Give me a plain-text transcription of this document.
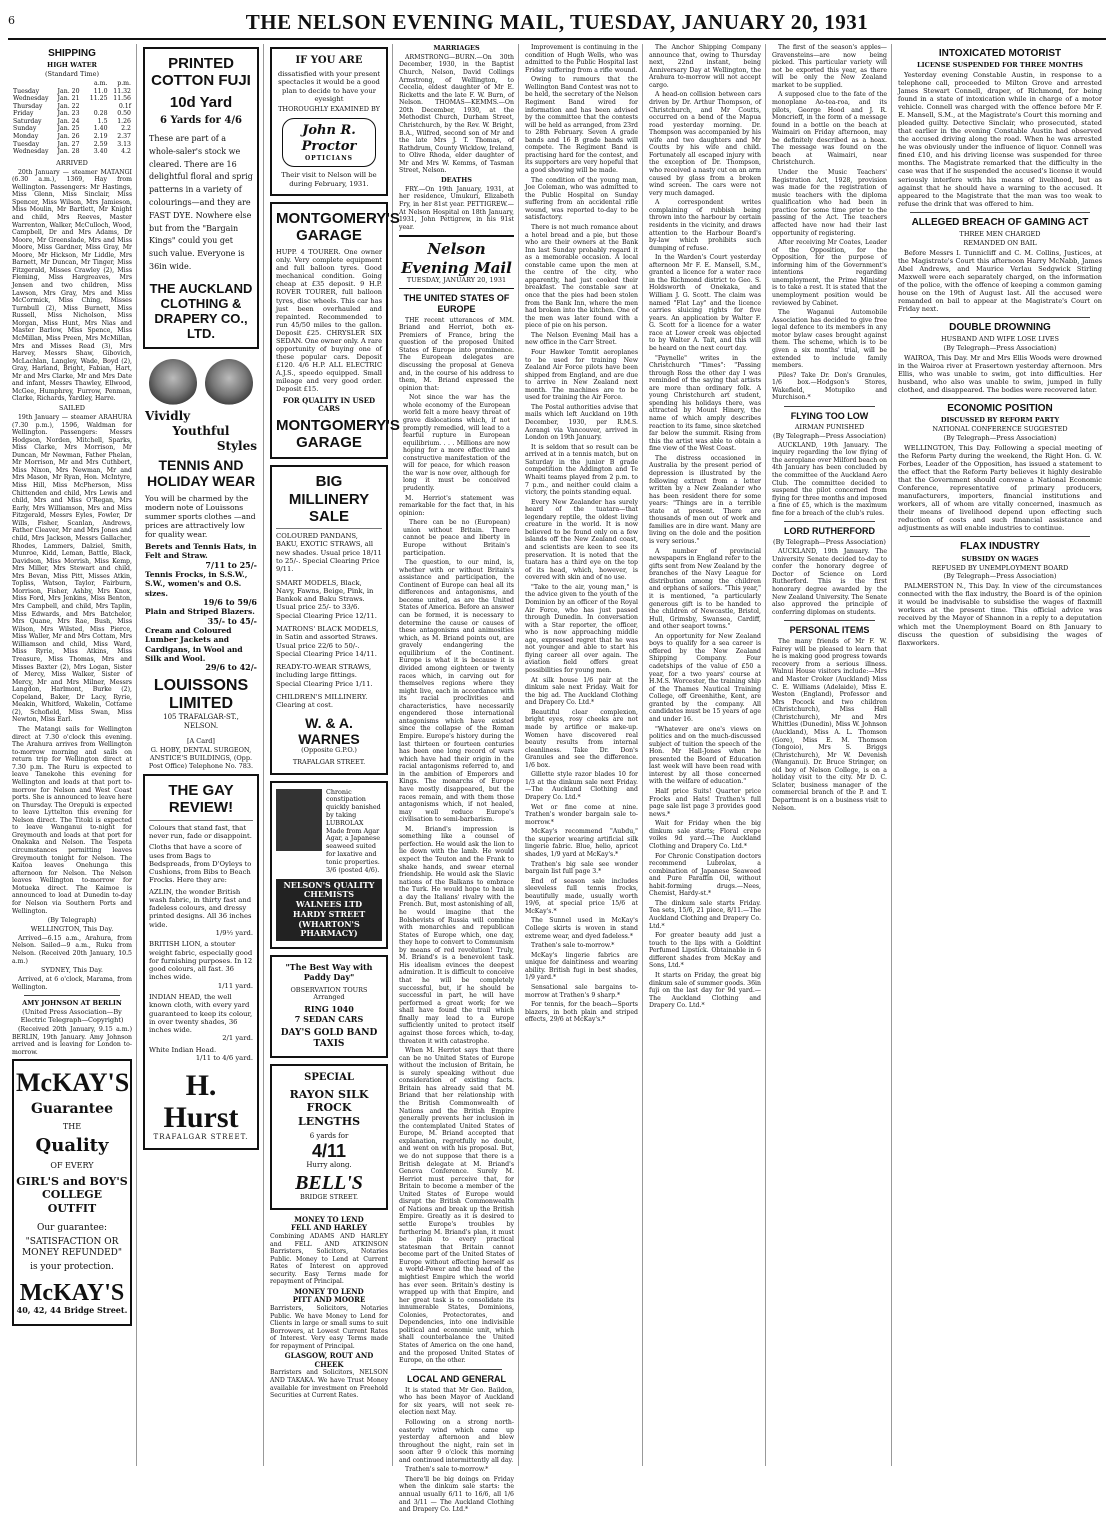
6	THE NELSON EVENING MAIL, TUESDAY, JANUARY 20, 1931
SHIPPING
HIGH WATER
(Standard Time)
		a.m.	p.m.
Tuesday	Jan. 20	11.0	11.32
Wednesday	Jan. 21	11.25	11.56
Thursday	Jan. 22		0.1f
Friday	Jan. 23	0.28	0.50
Saturday	Jan. 24	1.5	1.26
Sunday	Jan. 25	1.40	2.2
Monday	Jan. 26	2.19	2.37
Tuesday	Jan. 27	2.59	3.13
Wednesday	Jan. 28	3.40	4.2
ARRIVED
20th January — steamer MATANGI (6.30 a.m.), 1369, Hay from Wellington. Passengers: Mr Hastings, Miss Glenn, Miss Sinclair, Miss Spencer, Miss Wilson, Mrs Jamieson, Miss Moulin, Mr Bartlett, Mr Knight and child, Mrs Reeves, Master Warrenton, Walker, McCulloch, Wood, Campbell, Dr and Mrs Adams, Dr Moore, Mr Greenslade, Mrs and Miss Moore, Miss Gardner, Miss Gray, Mr Moore, Mr Hickson, Mr Liddle, Mrs Barnett, Mr Duncan, Mr Tinger, Miss Fitzgerald, Misses Crawley (2), Miss Fleming, Miss Hargreaves, Mrs Jensen and two children, Miss Lawson, Mrs Gray, Mrs and Miss McCormick, Miss Ching, Misses Turnbull (2), Miss Burnett, Miss Russell, Miss Nicholson, Miss Morgan, Miss Hunt, Mrs Nias and Master Barlow, Miss Spence, Miss McMillan, Miss Preen, Mrs McMillan, Mrs and Misses Read (3), Mrs Harvey, Messrs Shaw, Gibovich, McLachlan, Langley, Wade, Boyd (2), Gray, Harland, Bright, Fabian, Hart, Mr and Mrs Clarke, Mr and Mrs Date and infant, Messrs Thawley, Ellwood, McGee, Humphrey, Furrow, Penman, Clarke, Richards, Yardley, Harre.
SAILED
19th January — steamer ARAHURA (7.30 p.m.), 1596, Waldman for Wellington. Passengers: Messrs Hodgson, Norden, Mitchell, Sparks, Miss Clarke, Mrs Morrison, Mr Duncan, Mr Newman, Father Phelan, Mr Morrison, Mr and Mrs Cuthbert, Miss Nixon, Mrs Newman, Mr and Mrs Mason, Mr Ryan, Hon. McIntyre, Miss Hill, Miss McPherson, Miss Chittenden and child, Mrs Lewis and child, Mrs and Miss O'Regan, Mrs Early, Mrs Williamson, Mrs and Miss Fitzgerald, Messrs Eyles, Fowler, Dr Wills, Fisher, Scanlan, Andrews, Father Cleaver, Mr and Mrs Jones and child, Mrs Jackson, Messrs Gallacher, Rhodes, Lammers, Dalziel, Smith, Munroe, Kidd, Leman, Battle, Black, Davidson, Miss Morrish, Miss Kemp, Mrs Miller, Mrs Stewart and child, Mrs Bevan, Miss Pitt, Misses Atkin, Topliss, Watson, Taylor, Fairburn, Morrison, Fisher, Ashby, Mrs Knox, Miss Ford, Mrs Jenkins, Miss Benton, Mrs Campbell, and child, Mrs Taplin, Miss Edwards, and Mrs Batchelor, Mrs Quane, Mrs Rae, Bush, Miss Wilson, Mrs Wilsted, Miss Pierce, Miss Waller, Mr and Mrs Cottam, Mrs Williamson and child, Miss Ward, Miss Ryrie, Miss Atkins, Miss Treasure, Miss Thomas, Mrs and Misses Baxter (2), Mrs Logan, Sister of Mercy, Miss Walker, Sister of Mercy, Mr and Mrs Milner, Messrs Langdon, Harlmont, Burke (2), Copeland, Baker, Dr Lacy, Ryrie, Meakin, Whitford, Wakelin, Cottame (2), Schofield, Miss Swan, Miss Newton, Miss Earl.
The Matangi sails for Wellington direct at 7.30 o'clock this evening. The Arahura arrives from Wellington to-morrow morning and sails on return trip for Wellington direct at 7.30 p.m. The Ruru is expected to leave Tanekohe this evening for Wellington and loads at that port to-morrow for Nelson and West Coast ports. She is announced to leave here on Thursday. The Orepuki is expected to leave Lyttelton this evening for Nelson direct. The Titoki is expected to leave Wanganui to-night for Greymouth and loads at that port for Onakaka and Nelson. The Tespeta circumstances permitting leaves Greymouth tonight for Nelson. The Kaitoa leaves Onehunga this afternoon for Nelson. The Nelson leaves Wellington to-morrow for Motueka direct. The Kaimoe is announced to load at Dunedin to-day for Nelson via Southern Ports and Wellington.
(By Telegraph)
WELLINGTON, This Day.
Arrived—6.15 a.m., Arahura, from Nelson. Sailed—9 a.m., Ruku from Nelson. (Received 20th January, 10.5 a.m.)
SYDNEY, This Day.
Arrived, at 6 o'clock, Marama, from Wellington.
AMY JOHNSON AT BERLIN
(United Press Association—By Electric Telegraph—Copyright)
(Received 20th January, 9.15 a.m.) BERLIN, 19th January. Amy Johnson arrived and is leaving for London to-morrow.
McKAY'S
Guarantee
THE
Quality
OF EVERY
GIRL'S and BOY'S
COLLEGE OUTFIT
Our guarantee:
"SATISFACTION OR MONEY REFUNDED"
is your protection.
McKAY'S
40, 42, 44 Bridge Street.
PRINTED COTTON FUJI
10d Yard
6 Yards for 4/6
These are part of a whole-saler's stock we cleared. There are 16 delightful floral and sprig patterns in a variety of colourings—and they are FAST DYE. Nowhere else but from the "Bargain Kings" could you get such value. Everyone is 36in wide.
THE AUCKLAND CLOTHING & DRAPERY CO., LTD.
Vividly
Youthful
Styles
TENNIS AND HOLIDAY WEAR
You will be charmed by the modern note of Louissons summer sports clothes —and prices are attractively low for quality wear.
Berets and Tennis Hats, in Felt and Straw.
7/11 to 25/-
Tennis Frocks, in S.S.W., S.W., women's and O.S. sizes.
19/6 to 59/6
Plain and Striped Blazers.
35/- to 45/-
Cream and Coloured Lumber Jackets and Cardigans, in Wool and Silk and Wool.
29/6 to 42/-
LOUISSONS LIMITED
105 TRAFALGAR-ST., NELSON.
[A Card]
G. HOBY, DENTAL SURGEON, ANSTICE'S BUILDINGS, (Opp. Post Office) Telephone No. 783.
THE GAY REVIEW!
Colours that stand fast, that never run, fade or disappoint.
Cloths that have a score of uses from Bags to Bedspreads, from D'Oyleys to Cushions, from Bibs to Beach Frocks. Here they are:
AZLIN, the wonder British wash fabric, in thirty fast and fadeless colours, and dressy printed designs. All 36 inches wide.
1/9½ yard.
BRITISH LION, a stouter weight fabric, especially good for furnishing purposes. In 12 good colours, all fast. 36 inches wide.
1/11 yard.
INDIAN HEAD, the well known cloth, with every yard guaranteed to keep its colour, in over twenty shades, 36 inches wide.
2/1 yard.
White Indian Head.
1/11 to 4/6 yard.
H. Hurst
TRAFALGAR STREET.
IF YOU ARE
dissatisfied with your present spectacles it would be a good plan to decide to have your eyesight
THOROUGHLY EXAMINED BY
John R. Proctor
OPTICIANS
Their visit to Nelson will be during February, 1931.
MONTGOMERY'S GARAGE
HUPP. 4 TOURER. One owner only. Very complete equipment and full balloon tyres. Good mechanical condition. Going cheap at £35 deposit. 9 H.P. ROVER TOURER, full balloon tyres, disc wheels. This car has just been overhauled and repainted. Recommended to run 45/50 miles to the gallon. Deposit £25. CHRYSLER SIX SEDAN. One owner only. A rare opportunity of buying one of these popular cars. Deposit £120. 4/6 H.P. ALL ELECTRIC A.J.S., speedo equipped. Small mileage and very good order. Deposit £15.
FOR QUALITY IN USED CARS
MONTGOMERY'S GARAGE
BIG MILLINERY SALE
COLOURED PANDANS, BAKU, EXOTIC STRAWS, all new shades. Usual price 18/11 to 25/-. Special Clearing Price 9/11.
SMART MODELS, Black, Navy, Fawns, Beige, Pink, in Bankok and Baku Straws. Usual price 25/- to 33/6. Special Clearing Price 12/11.
MATRONS' BLACK MODELS, in Satin and assorted Straws. Usual price 22/6 to 50/-. Special Clearing Price 14/11.
READY-TO-WEAR STRAWS, including large fittings. Special Clearing Price 1/11.
CHILDREN'S MILLINERY. Clearing at cost.
W. & A. WARNES
(Opposite G.P.O.)
TRAFALGAR STREET.
Chronic constipation quickly banished by taking LUBROLAX Made from Agar Agar, a Japanese seaweed suited for laxative and tonic properties. 3/6 (posted 4/6).
NELSON'S QUALITY CHEMISTS WALNEES LTD HARDY STREET (WHARTON'S PHARMACY)
"The Best Way with Paddy Day"
OBSERVATION TOURS
Arranged
RING 1040
7 SEDAN CARS
DAY'S GOLD BAND TAXIS
SPECIAL
RAYON SILK FROCK LENGTHS
6 yards for
4/11
Hurry along.
BELL'S
BRIDGE STREET.
MONEY TO LEND
FELL AND HARLEY
Combining ADAMS AND HARLEY and FELL AND ATKINSON Barristers, Solicitors, Notaries Public. Money to Lend at Current Rates of Interest on approved security. Easy Terms made for repayment of Principal.
MONEY TO LEND
PITT AND MOORE
Barristers, Solicitors, Notaries Public. We have Money to Lend for Clients in large or small sums to suit Borrowers, at Lowest Current Rates of Interest. Very easy Terms made for repayment of Principal.
GLASGOW, ROUT AND CHEEK
Barristers and Solicitors, NELSON AND TAKAKA. We have Trust Money available for investment on Freehold Securities at Current Rates.
MARRIAGES
ARMSTRONG—BURN.—On 30th December, 1930, in the Baptist Church, Nelson, David Collings Armstrong, of Wellington, to Cecelia, eldest daughter of Mr E. Ricketts and the late F. W. Burn, of Nelson. THOMAS—KEMMS.—On 20th December, 1930, at the Methodist Church, Durham Street, Christchurch, by the Rev. W. Bright, B.A., Wilfred, second son of Mr and the late Mrs J. T. Thomas, of Rathdrum, County Wicklow, Ireland, to Olive Rhoda, elder daughter of Mr and Mrs W. Kemms, of Tasman Street, Nelson.
DEATHS
FRY.—On 19th January, 1931, at her residence, Umukuri, Elizabeth Fry, in her 81st year. PETTIGREW.—At Nelson Hospital on 18th January, 1931, John Pettigrew, in his 91st year.
Nelson Evening Mail
TUESDAY, JANUARY 20, 1931
THE UNITED STATES OF EUROPE
THE recent utterances of MM. Briand and Herriot, both ex-Premiers of France, bring the question of the proposed United States of Europe into prominence. The European delegates are discussing the proposal at Geneva and, in the course of his address to them, M. Briand expressed the opinion that:
Not since the war has the whole economy of the European world felt a more heavy threat of grave dislocations which, if not promptly remedied, will lead to a fearful rupture in European equilibrium. . . . Millions are now hoping for a more effective and constructive manifestation of the will for peace, for which reason the war is now over, although for long it must be conceived prudently.
M. Herriot's statement was remarkable for the fact that, in his opinion:
There can be no (European) union without Britain. There cannot be peace and liberty in Europe without Britain's participation.
The question, to our mind, is, whether with or without Britain's assistance and participation, the Continent of Europe can heal all its differences and antagonisms, and become united, as are the United States of America. Before an answer can be formed, it is necessary to determine the cause or causes of these antagonisms and animosities which, as M. Briand points out, are gravely endangering the equilibrium of the Continent. Europe is what it is because it is divided among eighteen or twenty races which, in carving out for themselves regions where they might live, each in accordance with its racial proclivities and characteristics, have necessarily engendered those international antagonisms which have existed since the collapse of the Roman Empire. Europe's history during the last thirteen or fourteen centuries has been one long record of wars which have had their origin in the racial antagonisms referred to, and in the ambition of Emperors and Kings. The monarchs of Europe have mostly disappeared, but the races remain, and with them those antagonisms which, if not healed, may well reduce Europe's civilisation to semi-barbarism.
M. Briand's impression is something like a counsel of perfection. He would ask the lion to lie down with the lamb. He would expect the Teuton and the Frank to shake hands, and swear eternal friendship. He would ask the Slavic nations of the Balkans to embrace the Turk. He would hope to heal in a day the Italians' rivalry with the French. But, most astonishing of all, he would imagine that the Bolshevists of Russia will combine with monarchies and republican States of Europe which, one day, they hope to convert to Communism by means of red revolution! Truly, M. Briand's is a benevolent task. His idealism evinces the deepest admiration. It is difficult to conceive that he will be completely successful, but, if he should be successful in part, he will have performed a great work; for we shall have found the trail which finally may lead to a Europe sufficiently united to protect itself against those forces which, to-day, threaten it with catastrophe.
When M. Herriot says that there can be no United States of Europe without the inclusion of Britain, he is surely speaking without due consideration of existing facts. Britain has already said that M. Briand that her relationship with the British Commonwealth of Nations and the British Empire generally prevents her inclusion in the contemplated United States of Europe, M. Briand accepted that explanation, regretfully no doubt, and went on with his proposal. But, we do not suppose that there is a British delegate at M. Briand's Geneva Conference. Surely M. Herriot must perceive that, for Britain to become a member of the United States of Europe would disrupt the British Commonwealth of Nations and break up the British Empire. Greatly as it is desired to settle Europe's troubles by furthering M. Briand's plan, it must be plain to every practical statesman that Britain cannot become part of the United States of Europe without effecting herself as a world-Power and the head of the mightiest Empire which the world has ever seen. Britain's destiny is wrapped up with that Empire, and her great task is to consolidate its innumerable States, Dominions, Colonies, Protectorates, and Dependencies, into one indivisible political and economic unit, which shall counterbalance the United States of America on the one hand, and the proposed United States of Europe, on the other.
LOCAL AND GENERAL
It is stated that Mr Geo. Baildon, who has been Mayor of Auckland for six years, will not seek re-election next May.
Following on a strong north-easterly wind which came up yesterday afternoon and blew throughout the night, rain set in soon after 9 o'clock this morning and continued intermittently all day.
Trathen's sale to-morrow.*
There'll be big doings on Friday when the dinkum sale starts: the annual usually 6/11 to 16/6, all 1/6 and 3/11 — The Auckland Clothing and Drapery Co. Ltd.*
Improvement is continuing in the condition of Hugh Wells, who was admitted to the Public Hospital last Friday suffering from a rifle wound.
Owing to rumours that the Wellington Band Contest was not to be held, the secretary of the Nelson Regiment Band wired for information and has been advised by the committee that the contests will be held as arranged, from 23rd to 28th February. Seven A grade bands and 16 B grade bands will compete. The Regiment Band is practising hard for the contest, and its supporters are very hopeful that a good showing will be made.
The condition of the young man, Joe Coleman, who was admitted to the Public Hospital on Sunday suffering from an accidental rifle wound, was reported to-day to be satisfactory.
There is not much romance about a hotel bread and a pie, but those who are their owners at the Bank Inn last Sunday probably regard it as a memorable occasion. A local constable came upon the men at the centre of the city, who apparently, had just cooked their breakfast. The constable saw at once that the pies had been stolen from the Bank Inn, where the men had broken into the kitchen. One of the men was later found with a piece of pie on his person.
The Nelson Evening Mail has a new office in the Carr Street.
Four Hawker Tomtit aeroplanes to be used for training New Zealand Air Force pilots have been shipped from England, and are due to arrive in New Zealand next month. The machines are to be used for training the Air Force.
The Postal authorities advise that mails which left Auckland on 19th December, 1930, per R.M.S. Aorangi via Vancouver, arrived in London on 19th January.
It is seldom that so result can be arrived at in a tennis match, but on Saturday in the junior B grade competition the Addington and Te Whaiti teams played from 2 p.m. to 7 p.m., and neither could claim a victory, the points standing equal.
Every New Zealander has surely heard of the tuatara—that legendary reptile, the oldest living creature in the world. It is now believed to be found only on a few islands off the New Zealand coast, and scientists are keen to see its preservation. It is noted that the tuatara has a third eye on the top of its head, which, however, is covered with skin and of no use.
"Take to the air, young man," is the advice given to the youth of the Dominion by an officer of the Royal Air Force, who has just passed through Dunedin. In conversation with a Star reporter, the officer, who is now approaching middle age, expressed regret that he was not younger and able to start his flying career all over again. The aviation field offers great possibilities for young men.
At silk house 1/6 pair at the dinkum sale next Friday. Wait for the big ad. The Auckland Clothing and Drapery Co. Ltd.*
Beautiful clear complexion, bright eyes, rosy cheeks are not made by artifice or make-up. Women have discovered real beauty results from internal cleanliness. Take Dr. Don's Granules and see the difference. 1/6 box.
Gillette style razor blades 10 for 1/3 at the dinkum sale next Friday.—The Auckland Clothing and Drapery Co. Ltd.*
Wet or fine come at nine. Trathen's wonder bargain sale to-morrow.*
McKay's recommend "Aubdu," the superior wearing artificial silk lingerie fabric. Blue, helio, apricot shades, 1/9 yard at McKay's.*
Trathen's big sale see wonder bargain list full page 3.*
End of season sale includes sleeveless full tennis frocks, beautifully made, usually worth 19/6, at special price 15/6 at McKay's.*
The Sunnel used in McKay's College skirts is woven in stand extreme wear, and dyed fadeless.*
Trathen's sale to-morrow.*
McKay's lingerie fabrics are unique for daintiness and wearing ability. British fugi in best shades, 1/9 yard.*
Sensational sale bargains to-morrow at Trathen's 9 sharp.*
For tennis, for the beach—Sports blazers, in both plain and striped effects, 29/6 at McKay's.*
The Anchor Shipping Company announce that, owing to Thursday next, 22nd instant, being Anniversary Day at Wellington, the Arahura to-morrow will not accept cargo.
A head-on collision between cars driven by Dr. Arthur Thompson, of Christchurch, and Mr Coutts, occurred on a bend of the Mapua road yesterday morning. Dr. Thompson was accompanied by his wife and two daughters and Mr Coutts by his wife and child. Fortunately all escaped injury with the exception of Dr. Thompson, who received a nasty cut on an arm caused by glass from a broken wind screen. The cars were not very much damaged.
A correspondent writes complaining of rubbish being thrown into the harbour by certain residents in the vicinity, and draws attention to the Harbour Board's by-law which prohibits such dumping of refuse.
In the Warden's Court yesterday afternoon Mr F. E. Mansell, S.M., granted a licence for a water race in the Richmond district to Geo. S. Holdsworth of Onekaka, and William J. G. Scott. The claim was named "Flat Lay" and the licence carries sluicing rights for five years. An application by Walter F. G. Scott for a licence for a water race at Lower creek was objected to by Walter A. Tait, and this will be heard on the next court day.
"Paynelle" writes in the Christchurch "Times": "Passing through Ross the other day I was reminded of the saying that artists are more than ordinary folk. A young Christchurch art student, spending his holidays there, was attracted by Mount Hinery, the name of which amply describes reaction to its fame, since sketched far below the summit. Rising from this the artist was able to obtain a fine view of the West Coast.
The distress occasioned in Australia by the present period of depression is illustrated by the following extract from a letter written by a New Zealander who has been resident there for some years: "Things are in a terrible state at present. There are thousands of men out of work and families are in dire want. Many are living on the dole and the position is very serious."
A number of provincial newspapers in England refer to the gifts sent from New Zealand by the branches of the Navy League for distribution among the children and orphans of sailors. "This year," it is mentioned, "a particularly generous gift is to be handed to the children of Newcastle, Bristol, Hull, Grimsby, Swansea, Cardiff, and other seaport towns."
An opportunity for New Zealand boys to qualify for a sea career is offered by the New Zealand Shipping Company. Four cadetships of the value of £50 a year, for a two years' course at H.M.S. Worcester, the training ship of the Thames Nautical Training College, off Greenhithe, Kent, are granted by the company. All candidates must be 15 years of age and under 16.
"Whatever are one's views on politics and on the much-discussed subject of tuition the speech of the Hon. Mr Hall-Jones when he presented the Board of Education last week will have been read with interest by all those concerned with the welfare of education."
Half price Suits! Quarter price Frocks and Hats! Trathen's full page sale list page 3 provides good news.*
Wait for Friday when the big dinkum sale starts; Floral crepe voiles 9d yard.—The Auckland Clothing and Drapery Co. Ltd.*
For Chronic Constipation doctors recommend Lubrolax, a combination of Japanese Seaweed and Pure Paraffin Oil, without habit-forming drugs.—Nees, Chemist, Hardy-st.*
The dinkum sale starts Friday. Tea sets, 15/6, 21 piece, 8/11.—The Auckland Clothing and Drapery Co. Ltd.*
For greater beauty add just a touch to the lips with a Goldtint Perfumed Lipstick. Obtainable in 6 different shades from McKay and Sons, Ltd.*
It starts on Friday, the great big dinkum sale of summer goods. 36in fuji on the last day for 9d yard.—The Auckland Clothing and Drapery Co. Ltd.*
The first of the season's apples—Gravensteins—are now being picked. This particular variety will not be exported this year, as there will be only the New Zealand market to be supplied.
A supposed clue to the fate of the monoplane Ao-tea-roa, and its pilots, George Hood and J. R. Moncrieff, in the form of a message found in a bottle on the beach at Waimairi on Friday afternoon, may be definitely described as a hoax. The message was found on the beach at Waimairi, near Christchurch.
Under the Music Teachers' Registration Act, 1928, provision was made for the registration of music teachers with the diploma qualification who had been in practice for some time prior to the passing of the Act. The teachers affected have now had their last opportunity of registering.
After receiving Mr Coates, Leader of the Opposition, for the Opposition, for the purpose of informing him of the Government's intentions regarding unemployment, the Prime Minister is to take a rest. It is stated that the unemployment position would be reviewed by Cabinet.
The Waganui Automobile Association has decided to give free legal defence to its members in any motor bylaw cases brought against them. The scheme, which is to be given a six months' trial, will be extended to include family members.
Piles? Take Dr. Don's Granules, 1/6 box.—Hodgson's Stores, Wakefield, Motupiko and Murchison.*
FLYING TOO LOW
AIRMAN PUNISHED
(By Telegraph—Press Association)
AUCKLAND, 19th January. The inquiry regarding the low flying of the aeroplane over Milford beach on 4th January has been concluded by the committee of the Auckland Aero Club. The committee decided to suspend the pilot concerned from flying for three months and imposed a fine of £5, which is the maximum fine for a breach of the club's rules.
LORD RUTHERFORD
(By Telegraph—Press Association)
AUCKLAND, 19th January. The University Senate decided to-day to confer the honorary degree of Doctor of Science on Lord Rutherford. This is the first honorary degree awarded by the New Zealand University. The Senate also approved the principle of conferring diplomas on students.
PERSONAL ITEMS
The many friends of Mr F. W. Fairey will be pleased to learn that he is making good progress towards recovery from a serious illness. Walnui House visitors include:—Mrs and Master Croker (Auckland) Miss C. E. Williams (Adelaide), Miss E. Weston (England), Professor and Mrs Pocock and two children (Christchurch), Miss Hall (Christchurch), Mr and Mrs Whittles (Dunedin), Miss W. Johnson (Auckland), Miss A. L. Thomson (Gore), Miss E. M. Thomson (Tongoio), Mrs S. Briggs (Christchurch), Mr W. Devenish (Wanganui). Dr. Bruce Stringer, on old boy of Nelson College, is on a holiday visit to the city. Mr D. C. Sclater, business manager of the commercial branch of the P. and T. Department is on a business visit to Nelson.
INTOXICATED MOTORIST
LICENSE SUSPENDED FOR THREE MONTHS
Yesterday evening Constable Austin, in response to a telephone call, proceeded to Milton Grove and arrested James Stewart Connell, draper, of Richmond, for being found in a state of intoxication while in charge of a motor vehicle. Connell was charged with the offence before Mr F. E. Mansell, S.M., at the Magistrate's Court this morning and pleaded guilty. Detective Sinclair, who prosecuted, stated that earlier in the evening Constable Austin had observed the accused driving along the road. When he was arrested he was obviously under the influence of liquor. Connell was fined £10, and his driving license was suspended for three months. The Magistrate remarked that the difficulty in the case was that if he suspended the accused's license it would seriously interfere with his means of livelihood, but as against that he should have a warning to the accused. It appeared to the Magistrate that the man was too weak to refuse the drink that was offered to him.
ALLEGED BREACH OF GAMING ACT
THREE MEN CHARGED
REMANDED ON BAIL
Before Messrs I. Tunnicliff and C. M. Collins, Justices, at the Magistrate's Court this afternoon Harry McNabb, James Abel Andrews, and Maurice Verlau Sedgwick Stirling Maxwell were each separately charged, on the information of the police, with the offence of keeping a common gaming house on the 19th of August last. All the accused were remanded on bail to appear at the Magistrate's Court on Friday next.
DOUBLE DROWNING
HUSBAND AND WIFE LOSE LIVES
(By Telegraph—Press Association)
WAIROA, This Day. Mr and Mrs Ellis Woods were drowned in the Wairoa river at Frasertown yesterday afternoon. Mrs Ellis, who was unable to swim, got into difficulties. Her husband, who also was unable to swim, jumped in fully clothed, and disappeared. The bodies were recovered later.
ECONOMIC POSITION
DISCUSSED BY REFORM PARTY
NATIONAL CONFERENCE SUGGESTED
(By Telegraph—Press Association)
WELLINGTON, This Day. Following a special meeting of the Reform Party during the weekend, the Right Hon. G. W. Forbes, Leader of the Opposition, has issued a statement to the effect that the Reform Party believes it highly desirable that the Government should convene a National Economic Conference, representative of primary producers, manufacturers, importers, financial institutions and workers, all of whom are vitally concerned, inasmuch as their means of livelihood depend upon effecting such reduction of costs and such financial assistance and adjustments as will enable industries to continue.
FLAX INDUSTRY
SUBSIDY ON WAGES
REFUSED BY UNEMPLOYMENT BOARD
(By Telegraph—Press Association)
PALMERSTON N., This Day. In view of the circumstances connected with the flax industry, the Board is of the opinion it would be inadvisable to subsidise the wages of flaxmill workers at the present time. This official advice was received by the Mayor of Shannon in a reply to a deputation which met the Unemployment Board on 8th January to discuss the question of subsidising the wages of flaxworkers.
